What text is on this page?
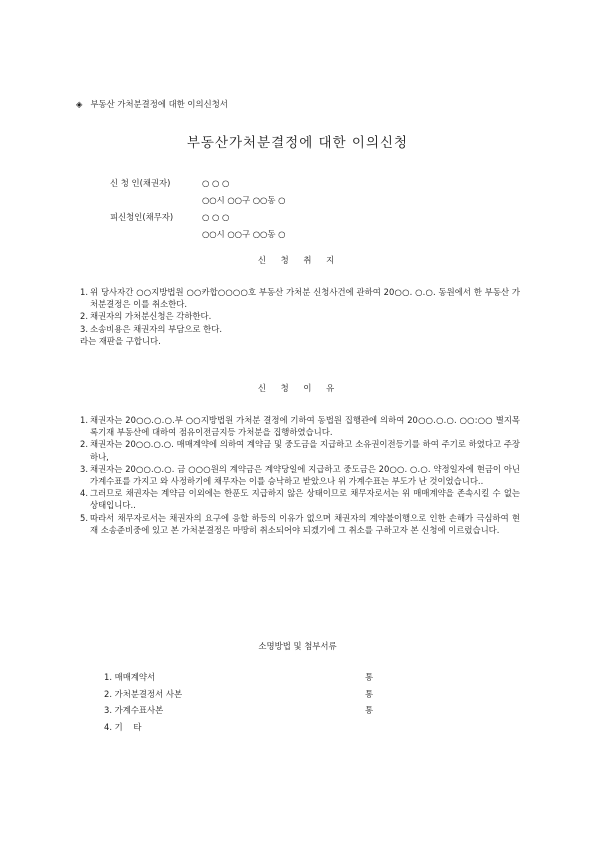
◈ 부동산 가처분결정에 대한 이의신청서
부동산가처분결정에 대한 이의신청
신 청 인(채권자)	○ ○ ○
○○시 ○○구 ○○동 ○
피신청인(채무자)	○ ○ ○
○○시 ○○구 ○○동 ○
신 청 취 지

1. 위 당사자간 ○○지방법원 ○○카합○○○○호 부동산 가처분 신청사건에 관하여 20○○. ○.○. 동원에서 한 부동산 가처분결정은 이를 취소한다.

2. 채권자의 가처분신청은 각하한다.

3. 소송비용은 채권자의 부담으로 한다.

라는 재판을 구합니다.

신 청 이 유

1. 채권자는 20○○.○.○.부 ○○지방법원 가처분 결정에 기하여 동법원 집행관에 의하여 20○○.○.○. ○○:○○ 별지목록기재 부동산에 대하여 점유이전금지등 가처분을 집행하였습니다.

2. 채권자는 20○○.○.○. 매매계약에 의하여 계약금 및 중도금을 지급하고 소유권이전등기를 하여 주기로 하였다고 주장하나,

3. 채권자는 20○○.○.○. 금 ○○○원의 계약금은 계약당일에 지급하고 중도금은 20○○. ○.○. 약정일자에 현금이 아닌 가계수표를 가지고 와 사정하기에 채무자는 이를 승낙하고 받았으나 위 가계수표는 부도가 난 것이었습니다..

4. 그러므로 채권자는 계약금 이외에는 한푼도 지급하지 않은 상태이므로 채무자로서는 위 매매계약을 존속시킬 수 없는 상태입니다..

5. 따라서 채무자로서는 채권자의 요구에 응할 하등의 이유가 없으며 채권자의 계약불이행으로 인한 손해가 극심하여 현재 소송준비중에 있고 본 가처분결정은 마땅히 취소되어야 되겠기에 그 취소를 구하고자 본 신청에 이르렀습니다.

소명방법 및 첨부서류
1. 매매계약서	통
2. 가처분결정서 사본	통
3. 가계수표사본	통
4. 기    타
